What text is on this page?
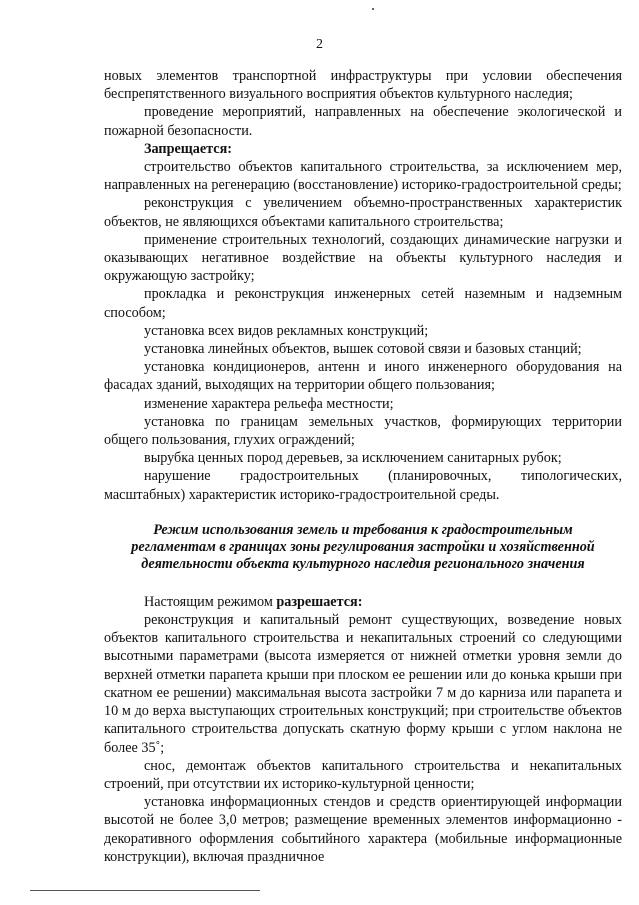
2

новых элементов транспортной инфраструктуры при условии обеспечения беспрепятственного визуального восприятия объектов культурного наследия;

проведение мероприятий, направленных на обеспечение экологической и пожарной безопасности.

Запрещается:

строительство объектов капитального строительства, за исключением мер, направленных на регенерацию (восстановление) историко-градостроительной среды;

реконструкция с увеличением объемно-пространственных характеристик объектов, не являющихся объектами капитального строительства;

применение строительных технологий, создающих динамические нагрузки и оказывающих негативное воздействие на объекты культурного наследия и окружающую застройку;

прокладка и реконструкция инженерных сетей наземным и надземным способом;

установка всех видов рекламных конструкций;

установка линейных объектов, вышек сотовой связи и базовых станций;

установка кондиционеров, антенн и иного инженерного оборудования на фасадах зданий, выходящих на территории общего пользования;

изменение характера рельефа местности;

установка по границам земельных участков, формирующих территории общего пользования, глухих ограждений;

вырубка ценных пород деревьев, за исключением санитарных рубок;

нарушение градостроительных (планировочных, типологических, масштабных) характеристик историко-градостроительной среды.

Режим использования земель и требования к градостроительным регламентам в границах зоны регулирования застройки и хозяйственной деятельности объекта культурного наследия регионального значения

Настоящим режимом разрешается:

реконструкция и капитальный ремонт существующих, возведение новых объектов капитального строительства и некапитальных строений со следующими высотными параметрами (высота измеряется от нижней отметки уровня земли до верхней отметки парапета крыши при плоском ее решении или до конька крыши при скатном ее решении) максимальная высота застройки 7 м до карниза или парапета и 10 м до верха выступающих строительных конструкций; при строительстве объектов капитального строительства допускать скатную форму крыши с углом наклона не более 35˚;

снос, демонтаж объектов капитального строительства и некапитальных строений, при отсутствии их историко-культурной ценности;

установка информационных стендов и средств ориентирующей информации высотой не более 3,0 метров; размещение временных элементов информационно - декоративного оформления событийного характера (мобильные информационные конструкции), включая праздничное
